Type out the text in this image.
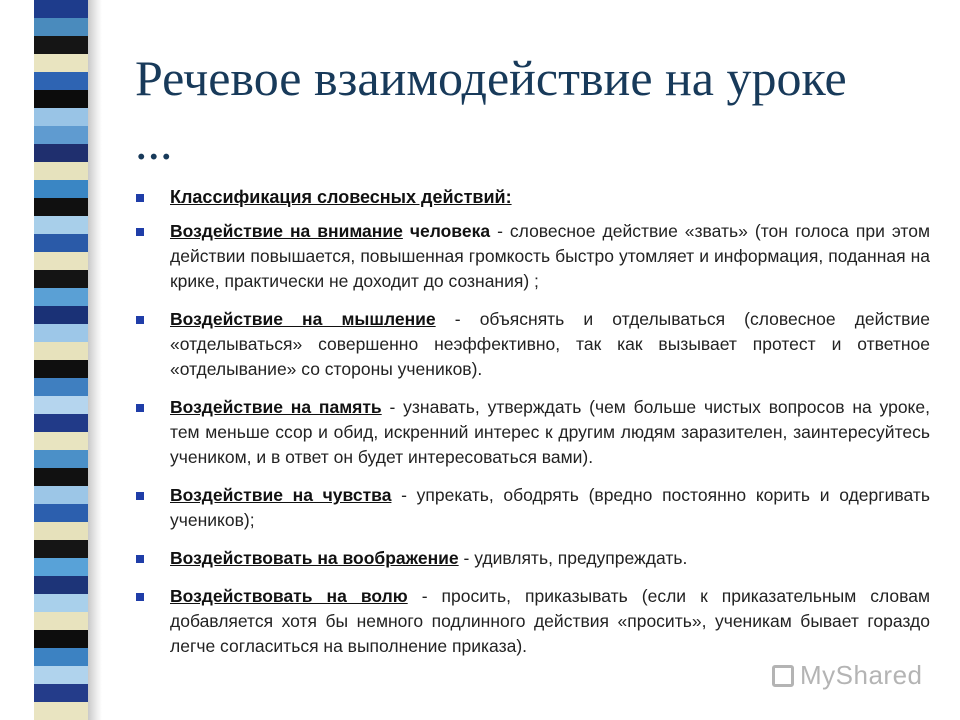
Речевое взаимодействие на уроке ...
Классификация словесных действий:
Воздействие на внимание человека - словесное действие «звать» (тон голоса при этом действии повышается, повышенная громкость быстро утомляет и информация, поданная на крике, практически не доходит до сознания) ;
Воздействие на мышление - объяснять и отделываться (словесное действие «отделываться» совершенно неэффективно, так как вызывает протест и ответное «отделывание» со стороны учеников).
Воздействие на память - узнавать, утверждать (чем больше чистых вопросов на уроке, тем меньше ссор и обид, искренний интерес к другим людям заразителен, заинтересуйтесь учеником, и в ответ он будет интересоваться вами).
Воздействие на чувства - упрекать, ободрять (вредно постоянно корить и одергивать учеников);
Воздействовать на воображение - удивлять, предупреждать.
Воздействовать на волю - просить, приказывать (если к приказательным словам добавляется хотя бы немного подлинного действия «просить», ученикам бывает гораздо легче согласиться на выполнение приказа).
MyShared
